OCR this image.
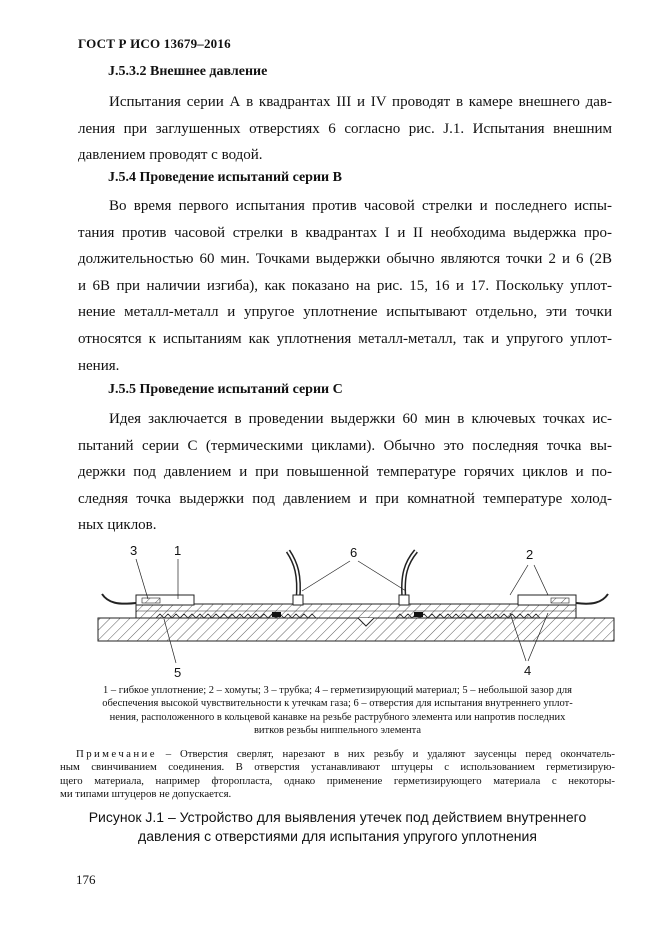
ГОСТ Р ИСО 13679–2016
J.5.3.2 Внешнее давление
Испытания серии А в квадрантах III и IV проводят в камере внешнего дав-
ления при заглушенных отверстиях 6 согласно рис. J.1. Испытания внешним
давлением проводят с водой.
J.5.4 Проведение испытаний серии В
Во время первого испытания против часовой стрелки и последнего испы-
тания против часовой стрелки в квадрантах I и II необходима выдержка про-
должительностью 60 мин. Точками выдержки обычно являются точки 2 и 6 (2В
и 6В при наличии изгиба), как показано на рис. 15, 16 и 17. Поскольку уплот-
нение металл-металл и упругое уплотнение испытывают отдельно, эти точки
относятся к испытаниям как уплотнения металл-металл, так и упругого уплот-
нения.
J.5.5 Проведение испытаний серии С
Идея заключается в проведении выдержки 60 мин в ключевых точках ис-
пытаний серии С (термическими циклами). Обычно это последняя точка вы-
держки под давлением и при повышенной температуре горячих циклов и по-
следняя точка выдержки под давлением и при комнатной температуре холод-
ных циклов.
3	1	6	2
5	4
1 – гибкое уплотнение; 2 – хомуты; 3 – трубка; 4 – герметизирующий материал; 5 – небольшой зазор для
обеспечения высокой чувствительности к утечкам газа; 6 – отверстия для испытания внутреннего уплот-
нения, расположенного в кольцевой канавке на резьбе раструбного элемента или напротив последних
витков резьбы ниппельного элемента
Примечание – Отверстия сверлят, нарезают в них резьбу и удаляют заусенцы перед окончатель-
ным свинчиванием соединения. В отверстия устанавливают штуцеры с использованием герметизирую-
щего материала, например фторопласта, однако применение герметизирующего материала с некоторы-
ми типами штуцеров не допускается.
Рисунок J.1 – Устройство для выявления утечек под действием внутреннего
давления с отверстиями для испытания упругого уплотнения
176
